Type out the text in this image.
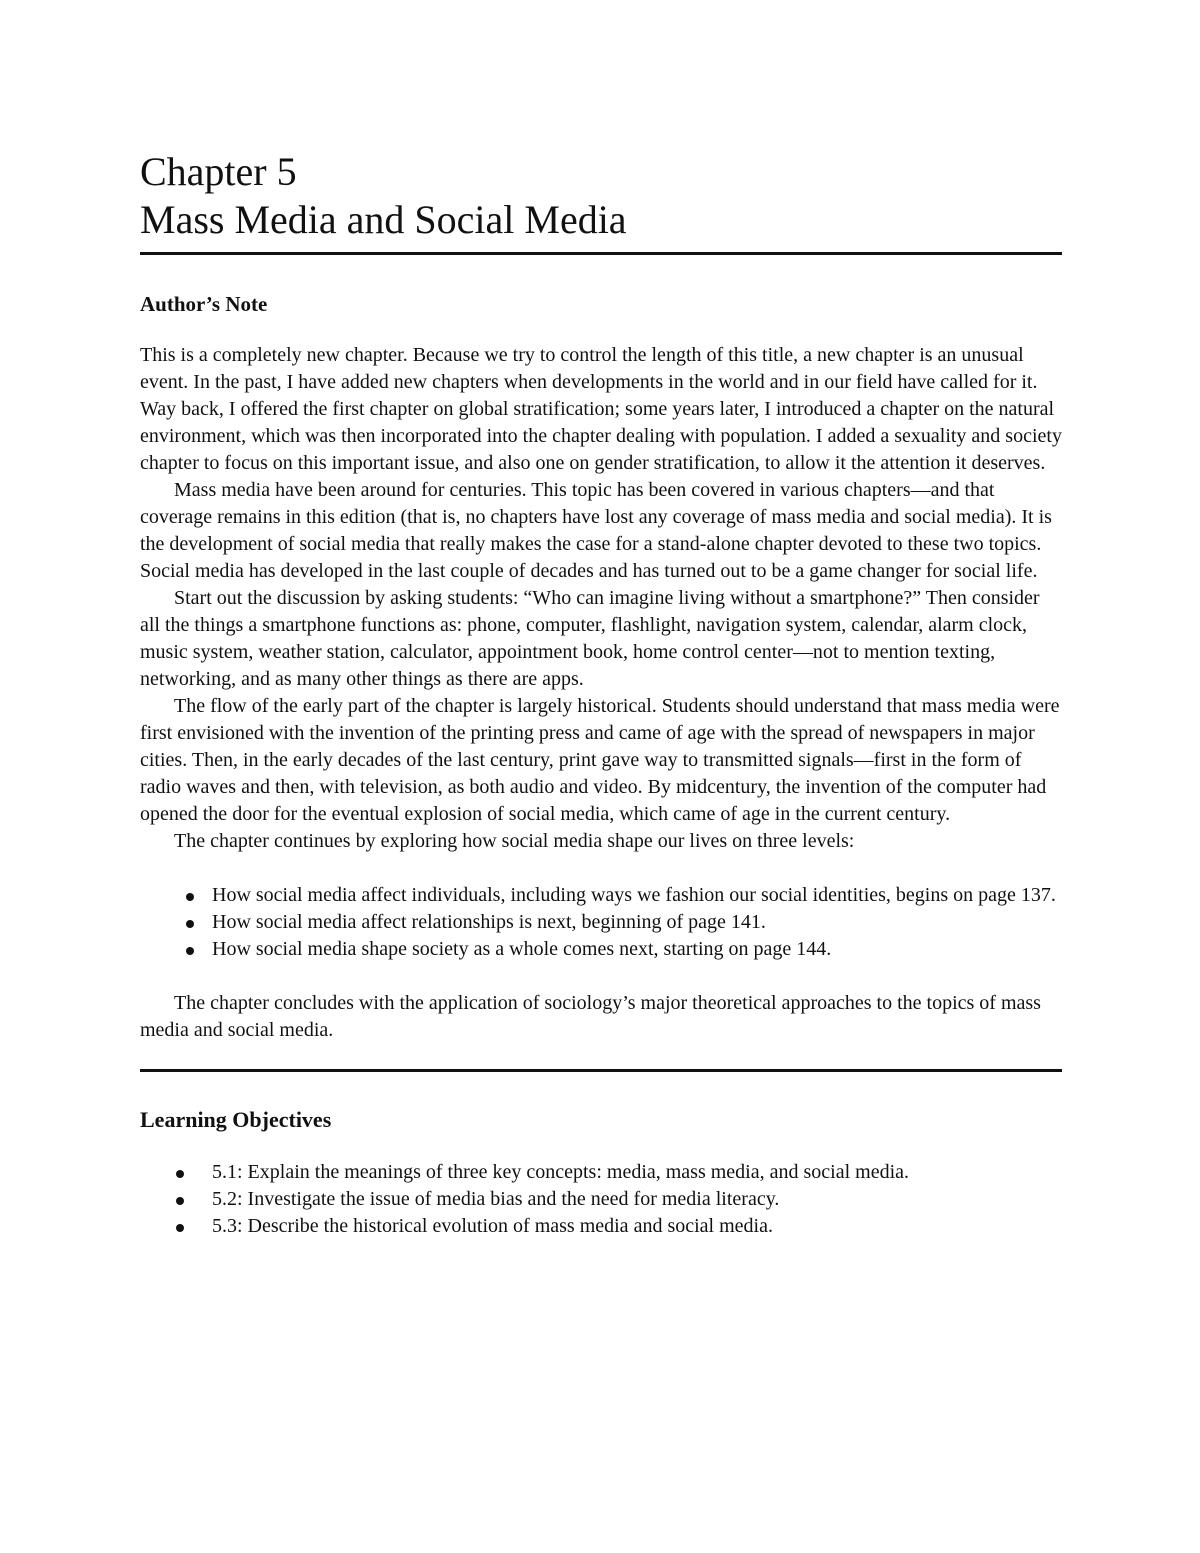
Chapter 5
Mass Media and Social Media
Author’s Note

This is a completely new chapter. Because we try to control the length of this title, a new chapter is an unusual event. In the past, I have added new chapters when developments in the world and in our field have called for it. Way back, I offered the first chapter on global stratification; some years later, I introduced a chapter on the natural environment, which was then incorporated into the chapter dealing with population. I added a sexuality and society chapter to focus on this important issue, and also one on gender stratification, to allow it the attention it deserves.

Mass media have been around for centuries. This topic has been covered in various chapters—and that coverage remains in this edition (that is, no chapters have lost any coverage of mass media and social media). It is the development of social media that really makes the case for a stand-alone chapter devoted to these two topics. Social media has developed in the last couple of decades and has turned out to be a game changer for social life.

Start out the discussion by asking students: “Who can imagine living without a smartphone?” Then consider all the things a smartphone functions as: phone, computer, flashlight, navigation system, calendar, alarm clock, music system, weather station, calculator, appointment book, home control center—not to mention texting, networking, and as many other things as there are apps.

The flow of the early part of the chapter is largely historical. Students should understand that mass media were first envisioned with the invention of the printing press and came of age with the spread of newspapers in major cities. Then, in the early decades of the last century, print gave way to transmitted signals—first in the form of radio waves and then, with television, as both audio and video. By midcentury, the invention of the computer had opened the door for the eventual explosion of social media, which came of age in the current century.

The chapter continues by exploring how social media shape our lives on three levels:

How social media affect individuals, including ways we fashion our social identities, begins on page 137.
How social media affect relationships is next, beginning of page 141.
How social media shape society as a whole comes next, starting on page 144.

The chapter concludes with the application of sociology’s major theoretical approaches to the topics of mass media and social media.

Learning Objectives
5.1: Explain the meanings of three key concepts: media, mass media, and social media.
5.2: Investigate the issue of media bias and the need for media literacy.
5.3: Describe the historical evolution of mass media and social media.
